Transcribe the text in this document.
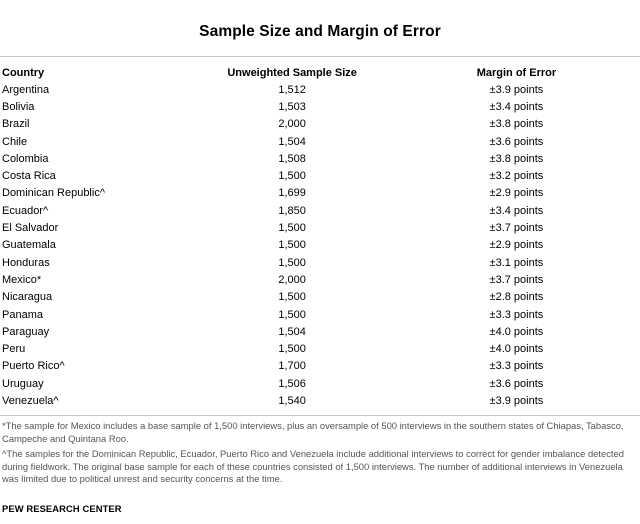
Sample Size and Margin of Error
Country	Unweighted Sample Size	Margin of Error
Argentina	1,512	±3.9 points
Bolivia	1,503	±3.4 points
Brazil	2,000	±3.8 points
Chile	1,504	±3.6 points
Colombia	1,508	±3.8 points
Costa Rica	1,500	±3.2 points
Dominican Republic^	1,699	±2.9 points
Ecuador^	1,850	±3.4 points
El Salvador	1,500	±3.7 points
Guatemala	1,500	±2.9 points
Honduras	1,500	±3.1 points
Mexico*	2,000	±3.7 points
Nicaragua	1,500	±2.8 points
Panama	1,500	±3.3 points
Paraguay	1,504	±4.0 points
Peru	1,500	±4.0 points
Puerto Rico^	1,700	±3.3 points
Uruguay	1,506	±3.6 points
Venezuela^	1,540	±3.9 points
*The sample for Mexico includes a base sample of 1,500 interviews, plus an oversample of 500 interviews in the southern states of Chiapas, Tabasco, Campeche and Quintana Roo.
^The samples for the Dominican Republic, Ecuador, Puerto Rico and Venezuela include additional interviews to correct for gender imbalance detected during fieldwork. The original base sample for each of these countries consisted of 1,500 interviews. The number of additional interviews in Venezuela was limited due to political unrest and security concerns at the time.
PEW RESEARCH CENTER
